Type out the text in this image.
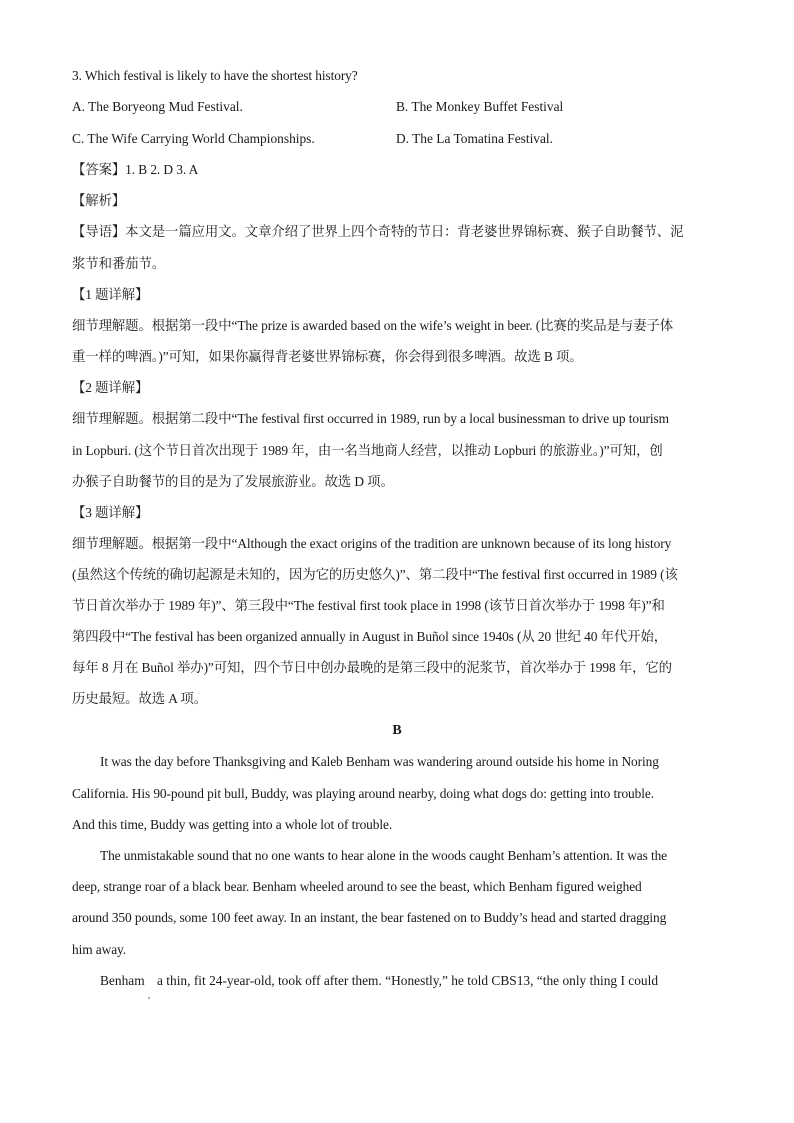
3. Which festival is likely to have the shortest history?
A. The Boryeong Mud Festival.	B. The Monkey Buffet Festival
C. The Wife Carrying World Championships.	D. The La Tomatina Festival.
【答案】1. B 2. D 3. A
【解析】
【导语】本文是一篇应用文。文章介绍了世界上四个奇特的节日：背老婆世界锦标赛、猴子自助餐节、泥
浆节和番茄节。
【1 题详解】
细节理解题。根据第一段中“The prize is awarded based on the wife’s weight in beer. (比赛的奖品是与妻子体
重一样的啤酒。)”可知，如果你赢得背老婆世界锦标赛，你会得到很多啤酒。故选 B 项。
【2 题详解】
细节理解题。根据第二段中“The festival first occurred in 1989, run by a local businessman to drive up tourism
in Lopburi. (这个节日首次出现于 1989 年，由一名当地商人经营，以推动 Lopburi 的旅游业。)”可知，创
办猴子自助餐节的目的是为了发展旅游业。故选 D 项。
【3 题详解】
细节理解题。根据第一段中“Although the exact origins of the tradition are unknown because of its long history
(虽然这个传统的确切起源是未知的，因为它的历史悠久)”、第二段中“The festival first occurred in 1989 (该
节日首次举办于 1989 年)”、第三段中“The festival first took place in 1998 (该节日首次举办于 1998 年)”和
第四段中“The festival has been organized annually in August in Buñol since 1940s (从 20 世纪 40 年代开始，
每年 8 月在 Buñol 举办)”可知，四个节日中创办最晚的是第三段中的泥浆节，首次举办于 1998 年，它的
历史最短。故选 A 项。
B
It was the day before Thanksgiving and Kaleb Benham was wandering around outside his home in Noring
California. His 90-pound pit bull, Buddy, was playing around nearby, doing what dogs do: getting into trouble.
And this time, Buddy was getting into a whole lot of trouble.
The unmistakable sound that no one wants to hear alone in the woods caught Benham’s attention. It was the
deep, strange roar of a black bear. Benham wheeled around to see the beast, which Benham figured weighed
around 350 pounds, some 100 feet away. In an instant, the bear fastened on to Buddy’s head and started dragging
him away.
Benham a thin, fit 24-year-old, took off after them. “Honestly,” he told CBS13, “the only thing I could
,
